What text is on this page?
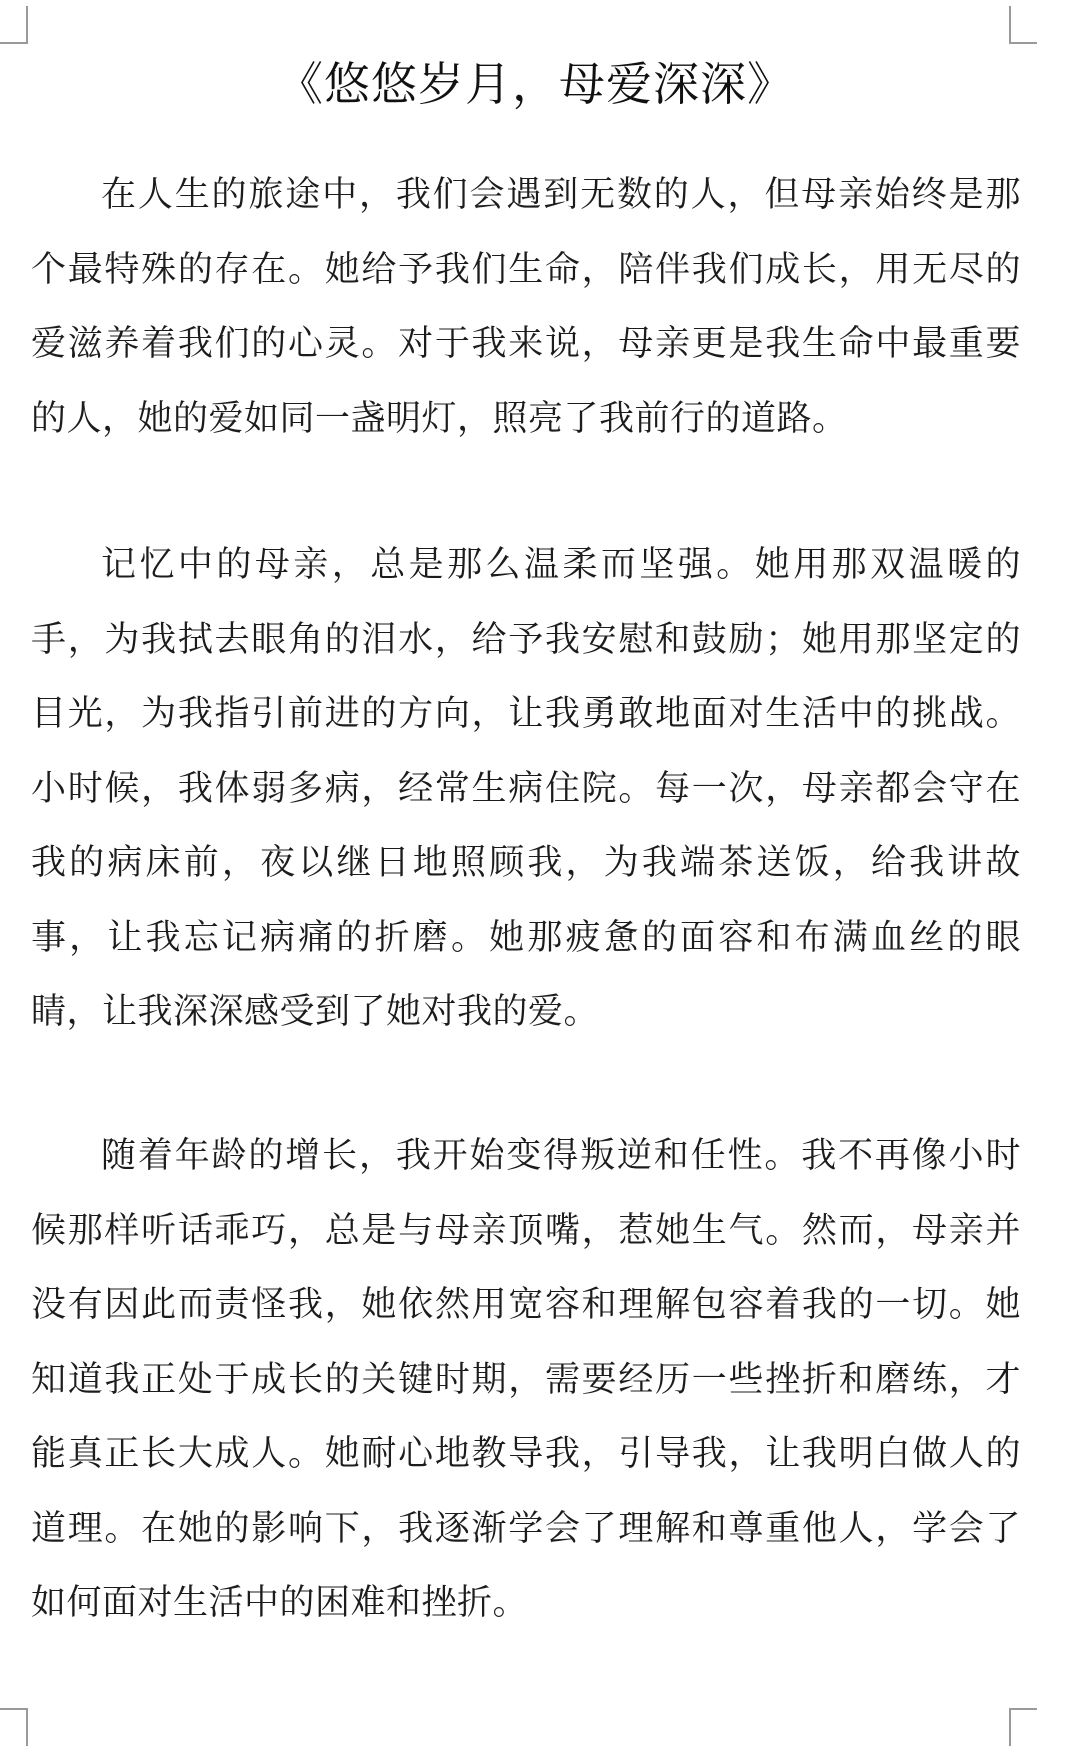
《悠悠岁月，母爱深深》

在人生的旅途中，我们会遇到无数的人，但母亲始终是那个最特殊的存在。她给予我们生命，陪伴我们成长，用无尽的爱滋养着我们的心灵。对于我来说，母亲更是我生命中最重要的人，她的爱如同一盏明灯，照亮了我前行的道路。

记忆中的母亲，总是那么温柔而坚强。她用那双温暖的手，为我拭去眼角的泪水，给予我安慰和鼓励；她用那坚定的目光，为我指引前进的方向，让我勇敢地面对生活中的挑战。小时候，我体弱多病，经常生病住院。每一次，母亲都会守在我的病床前，夜以继日地照顾我，为我端茶送饭，给我讲故事，让我忘记病痛的折磨。她那疲惫的面容和布满血丝的眼睛，让我深深感受到了她对我的爱。

随着年龄的增长，我开始变得叛逆和任性。我不再像小时候那样听话乖巧，总是与母亲顶嘴，惹她生气。然而，母亲并没有因此而责怪我，她依然用宽容和理解包容着我的一切。她知道我正处于成长的关键时期，需要经历一些挫折和磨练，才能真正长大成人。她耐心地教导我，引导我，让我明白做人的道理。在她的影响下，我逐渐学会了理解和尊重他人，学会了如何面对生活中的困难和挫折。
